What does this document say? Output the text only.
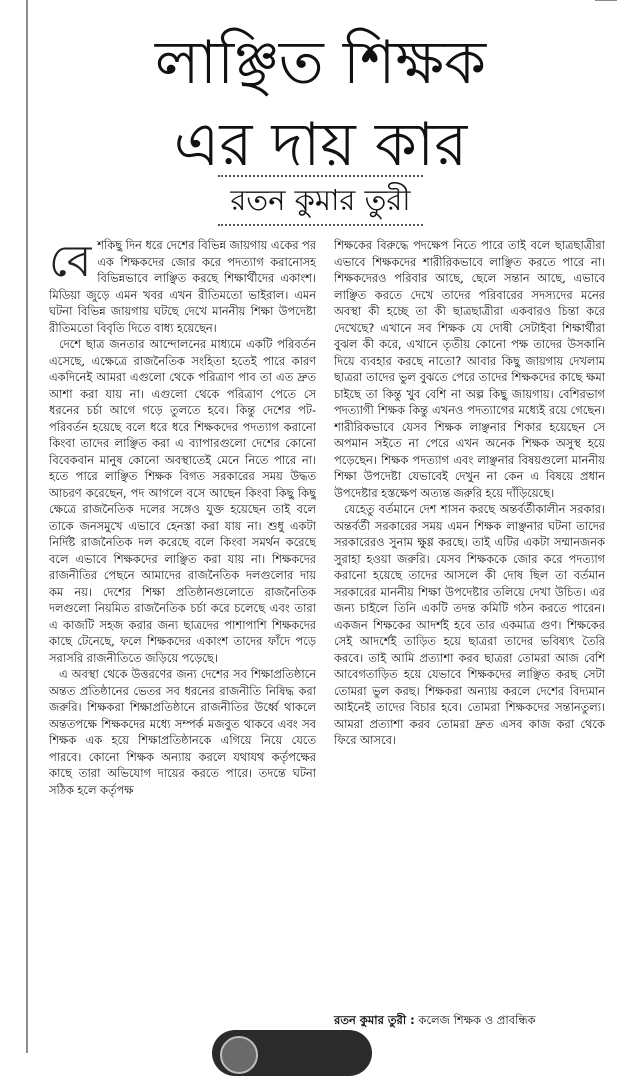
লাঞ্ছিত শিক্ষক
এর দায় কার

রতন কুমার তুরী

বেশকিছু দিন ধরে দেশের বিভিন্ন জায়গায় একের পর এক শিক্ষকদের জোর করে পদত্যাগ করানোসহ বিভিন্নভাবে লাঞ্ছিত করছে শিক্ষার্থীদের একাংশ। মিডিয়া জুড়ে এমন খবর এখন রীতিমতো ভাইরাল। এমন ঘটনা বিভিন্ন জায়গায় ঘটছে দেখে মাননীয় শিক্ষা উপদেষ্টা রীতিমতো বিবৃতি দিতে বাধ্য হয়েছেন।

দেশে ছাত্র জনতার আন্দোলনের মাধ্যমে একটি পরিবর্তন এসেছে, এক্ষেত্রে রাজনৈতিক সংহিতা হতেই পারে কারণ একদিনেই আমরা এগুলো থেকে পরিত্রাণ পাব তা এত দ্রুত আশা করা যায় না। এগুলো থেকে পরিত্রাণ পেতে সে ধরনের চর্চা আগে গড়ে তুলতে হবে। কিন্তু দেশের পট-পরিবর্তন হয়েছে বলে ধরে ধরে শিক্ষকদের পদত্যাগ করানো কিংবা তাদের লাঞ্ছিত করা এ ব্যাপারগুলো দেশের কোনো বিবেকবান মানুষ কোনো অবস্থাতেই মেনে নিতে পারে না। হতে পারে লাঞ্ছিত শিক্ষক বিগত সরকারের সময় উদ্ধত আচরণ করেছেন, পদ আগলে বসে আছেন কিংবা কিছু কিছু ক্ষেত্রে রাজনৈতিক দলের সঙ্গেও যুক্ত হয়েছেন তাই বলে তাকে জনসমুখে এভাবে হেনস্তা করা যায় না। শুধু একটা নির্দিষ্ট রাজনৈতিক দল করেছে বলে কিংবা সমর্থন করেছে বলে এভাবে শিক্ষকদের লাঞ্ছিত করা যায় না। শিক্ষকদের রাজনীতির পেছনে আমাদের রাজনৈতিক দলগুলোর দায় কম নয়। দেশের শিক্ষা প্রতিষ্ঠানগুলোতে রাজনৈতিক দলগুলো নিয়মিত রাজনৈতিক চর্চা করে চলেছে এবং তারা এ কাজটি সহজ করার জন্য ছাত্রদের পাশাপাশি শিক্ষকদের কাছে টেনেছে, ফলে শিক্ষকদের একাংশ তাদের ফাঁদে পড়ে সরাসরি রাজনীতিতে জড়িয়ে পড়েছে।

এ অবস্থা থেকে উত্তরণের জন্য দেশের সব শিক্ষাপ্রতিষ্ঠানে অন্তত প্রতিষ্ঠানের ভেতর সব ধরনের রাজনীতি নিষিদ্ধ করা জরুরি। শিক্ষকরা শিক্ষাপ্রতিষ্ঠানে রাজনীতির উর্ধ্বে থাকলে অন্ততপক্ষে শিক্ষকদের মধ্যে সম্পর্ক মজবুত থাকবে এবং সব শিক্ষক এক হয়ে শিক্ষাপ্রতিষ্ঠানকে এগিয়ে নিয়ে যেতে পারবে। কোনো শিক্ষক অন্যায় করলে যথাযথ কর্তৃপক্ষের কাছে তারা অভিযোগ দায়ের করতে পারে। তদন্তে ঘটনা সঠিক হলে কর্তৃপক্ষ

শিক্ষকের বিরুদ্ধে পদক্ষেপ নিতে পারে তাই বলে ছাত্রছাত্রীরা এভাবে শিক্ষকদের শারীরিকভাবে লাঞ্ছিত করতে পারে না। শিক্ষকদেরও পরিবার আছে, ছেলে সন্তান আছে, এভাবে লাঞ্ছিত করতে দেখে তাদের পরিবারের সদস্যদের মনের অবস্থা কী হচ্ছে তা কী ছাত্রছাত্রীরা একবারও চিন্তা করে দেখেছে? এখানে সব শিক্ষক যে দোষী সেটাইবা শিক্ষার্থীরা বুঝল কী করে, এখানে তৃতীয় কোনো পক্ষ তাদের উসকানি দিয়ে ব্যবহার করছে নাতো? আবার কিছু জায়গায় দেখলাম ছাত্ররা তাদের ভুল বুঝতে পেরে তাদের শিক্ষকদের কাছে ক্ষমা চাইছে তা কিন্তু খুব বেশি না অল্প কিছু জায়গায়। বেশিরভাগ পদত্যাগী শিক্ষক কিন্তু এখনও পদত্যাগের মধ্যেই রয়ে গেছেন। শারীরিকভাবে যেসব শিক্ষক লাঞ্ছনার শিকার হয়েছেন সে অপমান সইতে না পেরে এখন অনেক শিক্ষক অসুস্থ হয়ে পড়েছেন। শিক্ষক পদত্যাগ এবং লাঞ্ছনার বিষয়গুলো মাননীয় শিক্ষা উপদেষ্টা যেভাবেই দেখুন না কেন এ বিষয়ে প্রধান উপদেষ্টার হস্তক্ষেপ অত্যন্ত জরুরি হয়ে দাঁড়িয়েছে।

যেহেতু বর্তমানে দেশ শাসন করছে অন্তর্বর্তীকালীন সরকার। অন্তর্বর্তী সরকারের সময় এমন শিক্ষক লাঞ্ছনার ঘটনা তাদের সরকারেরও সুনাম ক্ষুণ্ণ করছে। তাই এটির একটা সম্মানজনক সুরাহা হওয়া জরুরি। যেসব শিক্ষককে জোর করে পদত্যাগ করানো হয়েছে তাদের আসলে কী দোষ ছিল তা বর্তমান সরকারের মাননীয় শিক্ষা উপদেষ্টার তলিয়ে দেখা উচিত। এর জন্য চাইলে তিনি একটি তদন্ত কমিটি গঠন করতে পারেন। একজন শিক্ষকের আদর্শই হবে তার একমাত্র গুণ। শিক্ষকের সেই আদর্শেই তাড়িত হয়ে ছাত্ররা তাদের ভবিষ্যৎ তৈরি করবে। তাই আমি প্রত্যাশা করব ছাত্ররা তোমরা আজ বেশি আবেগতাড়িত হয়ে যেভাবে শিক্ষকদের লাঞ্ছিত করছ সেটা তোমরা ভুল করছ। শিক্ষকরা অন্যায় করলে দেশের বিদ্যমান আইনেই তাদের বিচার হবে। তোমরা শিক্ষকদের সন্তানতুল্য। আমরা প্রত্যাশা করব তোমরা দ্রুত এসব কাজ করা থেকে ফিরে আসবে।

রতন কুমার তুরী : কলেজ শিক্ষক ও প্রাবন্ধিক
